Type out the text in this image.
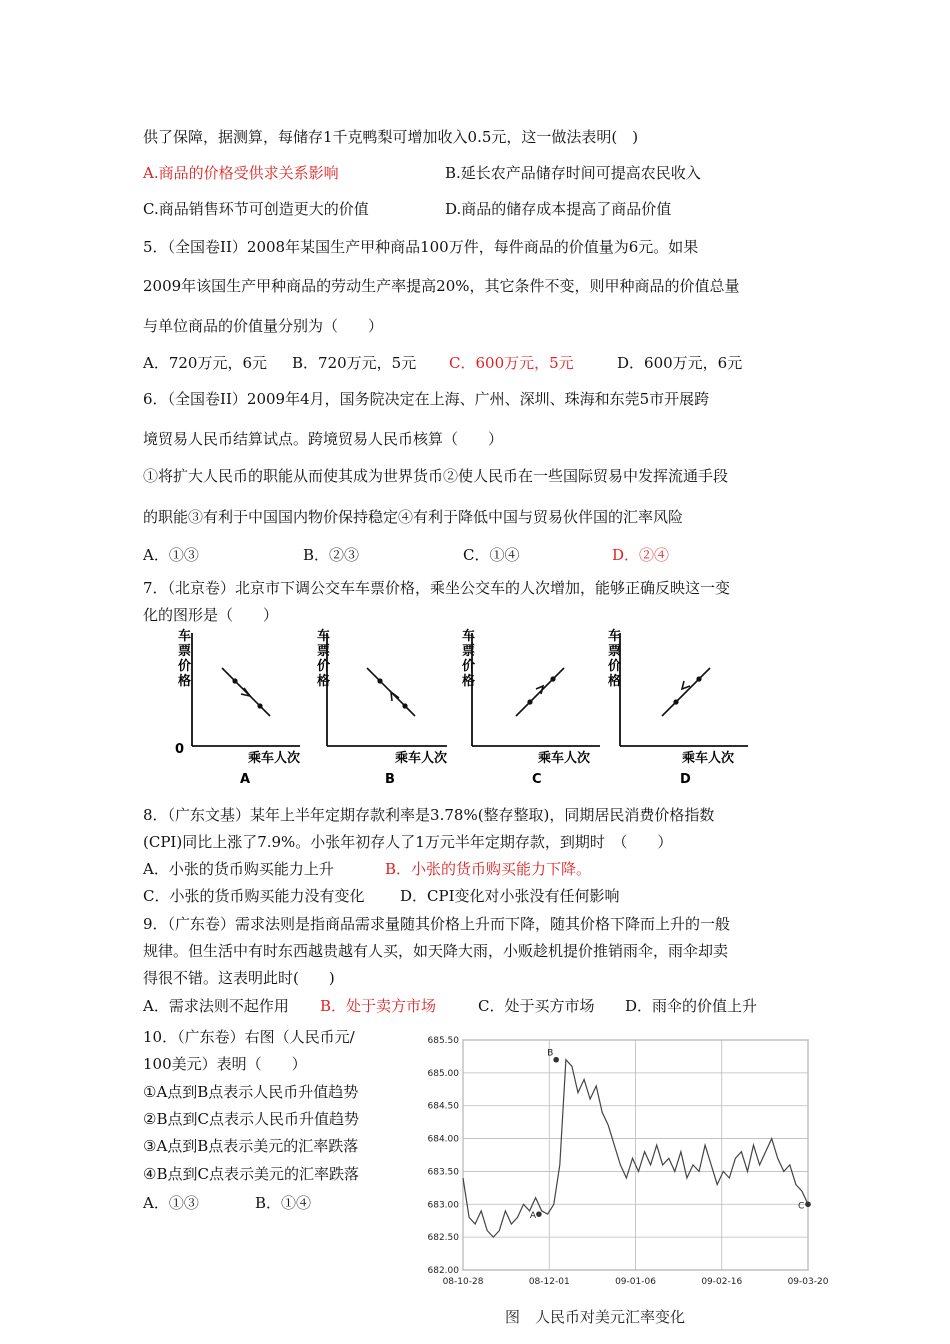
供了保障，据测算，每储存1千克鸭梨可增加收入0.5元，这一做法表明(　)
A.商品的价格受供求关系影响	B.延长农产品储存时间可提高农民收入
C.商品销售环节可创造更大的价值	D.商品的储存成本提高了商品价值
5．（全国卷II）2008年某国生产甲种商品100万件，每件商品的价值量为6元。如果
2009年该国生产甲种商品的劳动生产率提高20%，其它条件不变，则甲种商品的价值总量
与单位商品的价值量分别为（　　）
A．720万元，6元 B．720万元，5元 C．600万元，5元	D．600万元，6元
6．（全国卷II）2009年4月，国务院决定在上海、广州、深圳、珠海和东莞5市开展跨
境贸易人民币结算试点。跨境贸易人民币核算（　　）
①将扩大人民币的职能从而使其成为世界货币②使人民币在一些国际贸易中发挥流通手段
的职能③有利于中国国内物价保持稳定④有利于降低中国与贸易伙伴国的汇率风险
A．①③	B．②③	C．①④	D．②④
7．（北京卷）北京市下调公交车车票价格，乘坐公交车的人次增加，能够正确反映这一变
化的图形是（　　）
车
票
价
格
0
乘车人次
A
车
票
价
格
乘车人次
B
车
票
价
格
乘车人次
C
车
票
价
格
乘车人次
D
8．（广东文基）某年上半年定期存款利率是3.78%(整存整取)，同期居民消费价格指数
(CPI)同比上涨了7.9%。小张年初存人了1万元半年定期存款，到期时　（　　）
A．小张的货币购买能力上升	B．小张的货币购买能力下降。
C．小张的货币购买能力没有变化 D．CPI变化对小张没有任何影响
9．（广东卷）需求法则是指商品需求量随其价格上升而下降，随其价格下降而上升的一般
规律。但生活中有时东西越贵越有人买，如天降大雨，小贩趁机提价推销雨伞，雨伞却卖
得很不错。这表明此时(　　)
A．需求法则不起作用 B．处于卖方市场	C．处于买方市场 D．雨伞的价值上升
10．（广东卷）右图（人民币元/
100美元）表明（　　）
①A点到B点表示人民币升值趋势
②B点到C点表示人民币升值趋势
③A点到B点表示美元的汇率跌落
④B点到C点表示美元的汇率跌落
A．①③	B．①④
682.00
682.50
683.00
683.50
684.00
684.50
685.00
685.50
08-10-28	08-12-01	09-01-06	09-02-16	09-03-20
A
B
C
图　人民币对美元汇率变化
